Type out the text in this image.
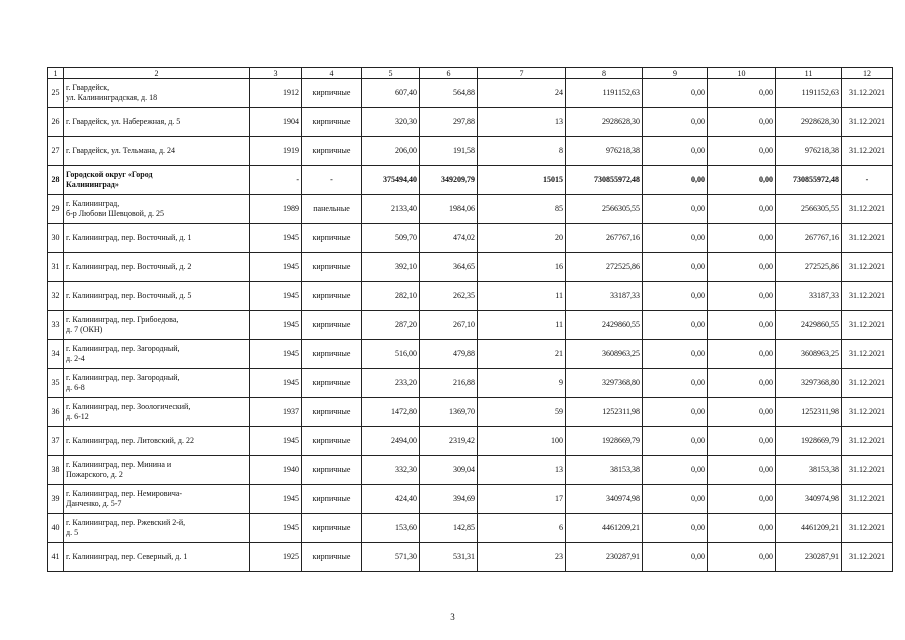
1	2	3	4	5	6	7	8	9	10	11	12
25	г. Гвардейск,
ул. Калининградская, д. 18	1912	кирпичные	607,40	564,88	24	1191152,63	0,00	0,00	1191152,63	31.12.2021
26	г. Гвардейск, ул. Набережная, д. 5	1904	кирпичные	320,30	297,88	13	2928628,30	0,00	0,00	2928628,30	31.12.2021
27	г. Гвардейск, ул. Тельмана, д. 24	1919	кирпичные	206,00	191,58	8	976218,38	0,00	0,00	976218,38	31.12.2021
28	Городской округ «Город
Калининград»	-	-	375494,40	349209,79	15015	730855972,48	0,00	0,00	730855972,48	-
29	г. Калининград,
б-р Любови Шевцовой, д. 25	1989	панельные	2133,40	1984,06	85	2566305,55	0,00	0,00	2566305,55	31.12.2021
30	г. Калининград, пер. Восточный, д. 1	1945	кирпичные	509,70	474,02	20	267767,16	0,00	0,00	267767,16	31.12.2021
31	г. Калининград, пер. Восточный, д. 2	1945	кирпичные	392,10	364,65	16	272525,86	0,00	0,00	272525,86	31.12.2021
32	г. Калининград, пер. Восточный, д. 5	1945	кирпичные	282,10	262,35	11	33187,33	0,00	0,00	33187,33	31.12.2021
33	г. Калининград, пер. Грибоедова,
д. 7 (ОКН)	1945	кирпичные	287,20	267,10	11	2429860,55	0,00	0,00	2429860,55	31.12.2021
34	г. Калининград, пер. Загородный,
д. 2-4	1945	кирпичные	516,00	479,88	21	3608963,25	0,00	0,00	3608963,25	31.12.2021
35	г. Калининград, пер. Загородный,
д. 6-8	1945	кирпичные	233,20	216,88	9	3297368,80	0,00	0,00	3297368,80	31.12.2021
36	г. Калининград, пер. Зоологический,
д. 6-12	1937	кирпичные	1472,80	1369,70	59	1252311,98	0,00	0,00	1252311,98	31.12.2021
37	г. Калининград, пер. Литовский, д. 22	1945	кирпичные	2494,00	2319,42	100	1928669,79	0,00	0,00	1928669,79	31.12.2021
38	г. Калининград, пер. Минина и
Пожарского, д. 2	1940	кирпичные	332,30	309,04	13	38153,38	0,00	0,00	38153,38	31.12.2021
39	г. Калининград, пер. Немировича-
Данченко, д. 5-7	1945	кирпичные	424,40	394,69	17	340974,98	0,00	0,00	340974,98	31.12.2021
40	г. Калининград, пер. Ржевский 2-й,
д. 5	1945	кирпичные	153,60	142,85	6	4461209,21	0,00	0,00	4461209,21	31.12.2021
41	г. Калининград, пер. Северный, д. 1	1925	кирпичные	571,30	531,31	23	230287,91	0,00	0,00	230287,91	31.12.2021
3
